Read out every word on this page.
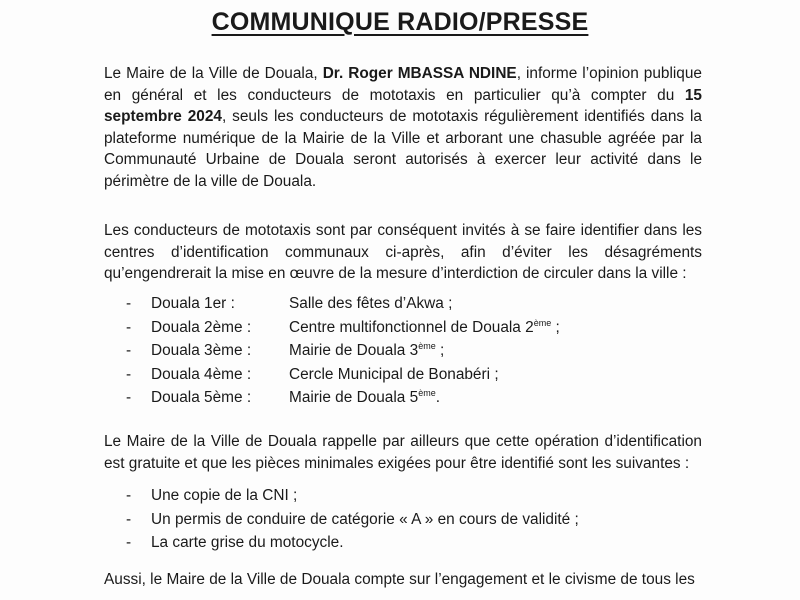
COMMUNIQUE RADIO/PRESSE

Le Maire de la Ville de Douala, Dr. Roger MBASSA NDINE, informe l’opinion publique en général et les conducteurs de mototaxis en particulier qu’à compter du 15 septembre 2024, seuls les conducteurs de mototaxis régulièrement identifiés dans la plateforme numérique de la Mairie de la Ville et arborant une chasuble agréée par la Communauté Urbaine de Douala seront autorisés à exercer leur activité dans le périmètre de la ville de Douala.

Les conducteurs de mototaxis sont par conséquent invités à se faire identifier dans les centres d’identification communaux ci-après, afin d’éviter les désagréments qu’engendrerait la mise en œuvre de la mesure d’interdiction de circuler dans la ville :

- Douala 1er :	Salle des fêtes d’Akwa ;
- Douala 2ème : Centre multifonctionnel de Douala 2ème ;
- Douala 3ème : Mairie de Douala 3ème ;
- Douala 4ème : Cercle Municipal de Bonabéri ;
- Douala 5ème : Mairie de Douala 5ème.

Le Maire de la Ville de Douala rappelle par ailleurs que cette opération d’identification est gratuite et que les pièces minimales exigées pour être identifié sont les suivantes :

- Une copie de la CNI ;
- Un permis de conduire de catégorie « A » en cours de validité ;
- La carte grise du motocycle.

Aussi, le Maire de la Ville de Douala compte sur l’engagement et le civisme de tous les
